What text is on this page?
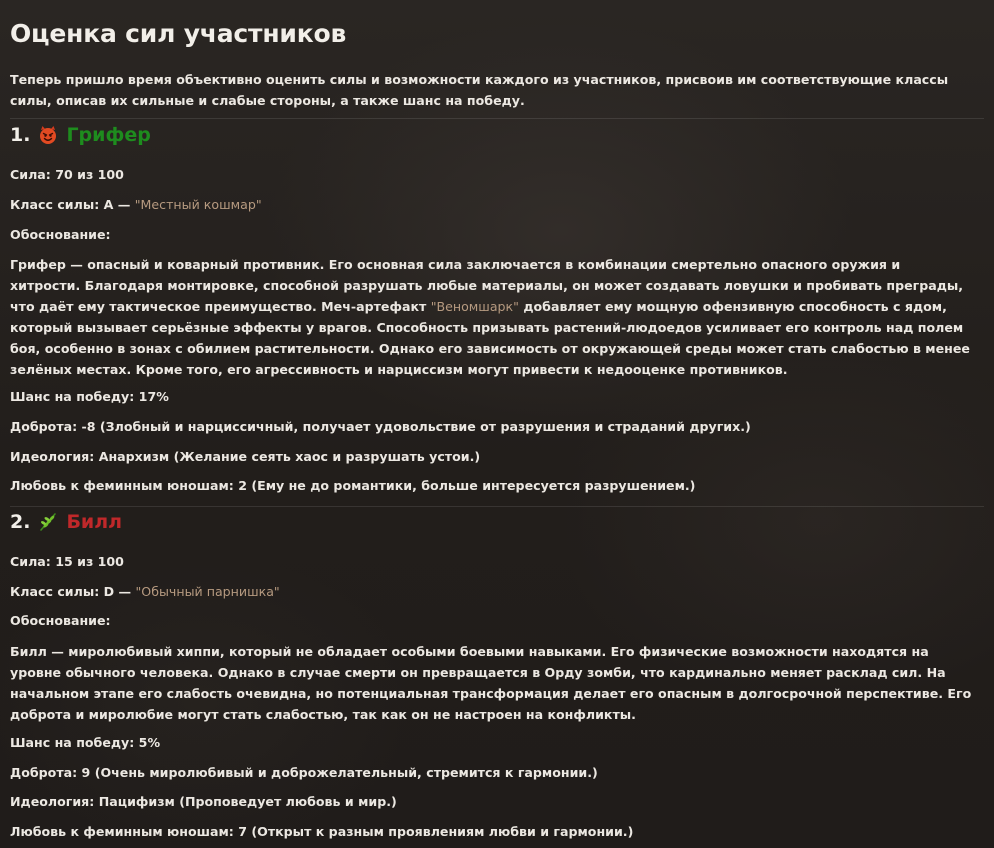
Оценка сил участников
Теперь пришло время объективно оценить силы и возможности каждого из участников, присвоив им соответствующие классы силы, описав их сильные и слабые стороны, а также шанс на победу.
1. Грифер
Сила: 70 из 100
Класс силы: A — "Местный кошмар"
Обоснование:
Грифер — опасный и коварный противник. Его основная сила заключается в комбинации смертельно опасного оружия и хитрости. Благодаря монтировке, способной разрушать любые материалы, он может создавать ловушки и пробивать преграды, что даёт ему тактическое преимущество. Меч-артефакт "Веномшарк" добавляет ему мощную офензивную способность с ядом, который вызывает серьёзные эффекты у врагов. Способность призывать растений-людоедов усиливает его контроль над полем боя, особенно в зонах с обилием растительности. Однако его зависимость от окружающей среды может стать слабостью в менее зелёных местах. Кроме того, его агрессивность и нарциссизм могут привести к недооценке противников.
Шанс на победу: 17%
Доброта: -8 (Злобный и нарциссичный, получает удовольствие от разрушения и страданий других.)
Идеология: Анархизм (Желание сеять хаос и разрушать устои.)
Любовь к феминным юношам: 2 (Ему не до романтики, больше интересуется разрушением.)
2. Билл
Сила: 15 из 100
Класс силы: D — "Обычный парнишка"
Обоснование:
Билл — миролюбивый хиппи, который не обладает особыми боевыми навыками. Его физические возможности находятся на уровне обычного человека. Однако в случае смерти он превращается в Орду зомби, что кардинально меняет расклад сил. На начальном этапе его слабость очевидна, но потенциальная трансформация делает его опасным в долгосрочной перспективе. Его доброта и миролюбие могут стать слабостью, так как он не настроен на конфликты.
Шанс на победу: 5%
Доброта: 9 (Очень миролюбивый и доброжелательный, стремится к гармонии.)
Идеология: Пацифизм (Проповедует любовь и мир.)
Любовь к феминным юношам: 7 (Открыт к разным проявлениям любви и гармонии.)
